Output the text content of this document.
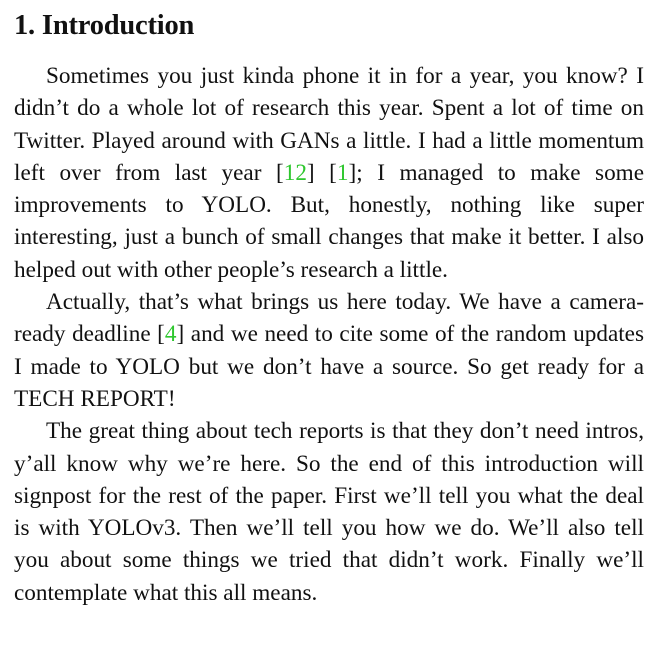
1. Introduction

Sometimes you just kinda phone it in for a year, you know? I didn’t do a whole lot of research this year. Spent a lot of time on Twitter. Played around with GANs a little. I had a little momentum left over from last year [12] [1]; I managed to make some improvements to YOLO. But, honestly, nothing like super interesting, just a bunch of small changes that make it better. I also helped out with other people’s research a little.

Actually, that’s what brings us here today. We have a camera-ready deadline [4] and we need to cite some of the random updates I made to YOLO but we don’t have a source. So get ready for a TECH REPORT!

The great thing about tech reports is that they don’t need intros, y’all know why we’re here. So the end of this introduction will signpost for the rest of the paper. First we’ll tell you what the deal is with YOLOv3. Then we’ll tell you how we do. We’ll also tell you about some things we tried that didn’t work. Finally we’ll contemplate what this all means.
